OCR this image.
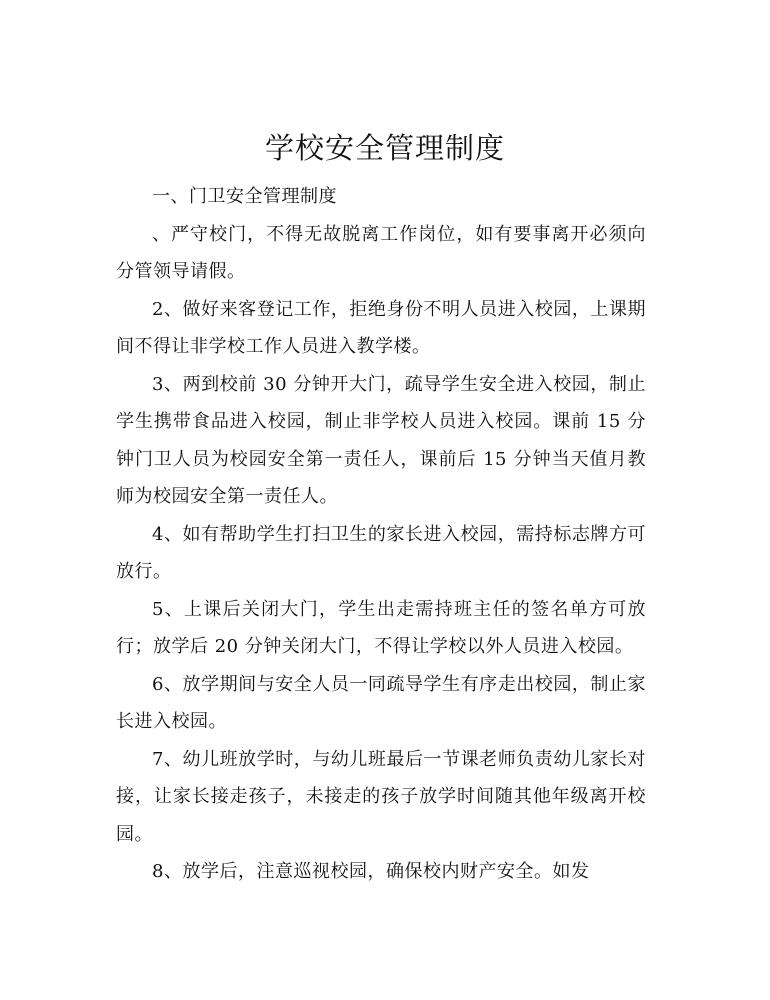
学校安全管理制度

一、门卫安全管理制度

、严守校门，不得无故脱离工作岗位，如有要事离开必须向分管领导请假。

2、做好来客登记工作，拒绝身份不明人员进入校园，上课期间不得让非学校工作人员进入教学楼。

3、两到校前 30 分钟开大门，疏导学生安全进入校园，制止学生携带食品进入校园，制止非学校人员进入校园。课前 15 分钟门卫人员为校园安全第一责任人，课前后 15 分钟当天值月教师为校园安全第一责任人。

4、如有帮助学生打扫卫生的家长进入校园，需持标志牌方可放行。

5、上课后关闭大门，学生出走需持班主任的签名单方可放行；放学后 20 分钟关闭大门，不得让学校以外人员进入校园。

6、放学期间与安全人员一同疏导学生有序走出校园，制止家长进入校园。

7、幼儿班放学时，与幼儿班最后一节课老师负责幼儿家长对接，让家长接走孩子，未接走的孩子放学时间随其他年级离开校园。

8、放学后，注意巡视校园，确保校内财产安全。如发
